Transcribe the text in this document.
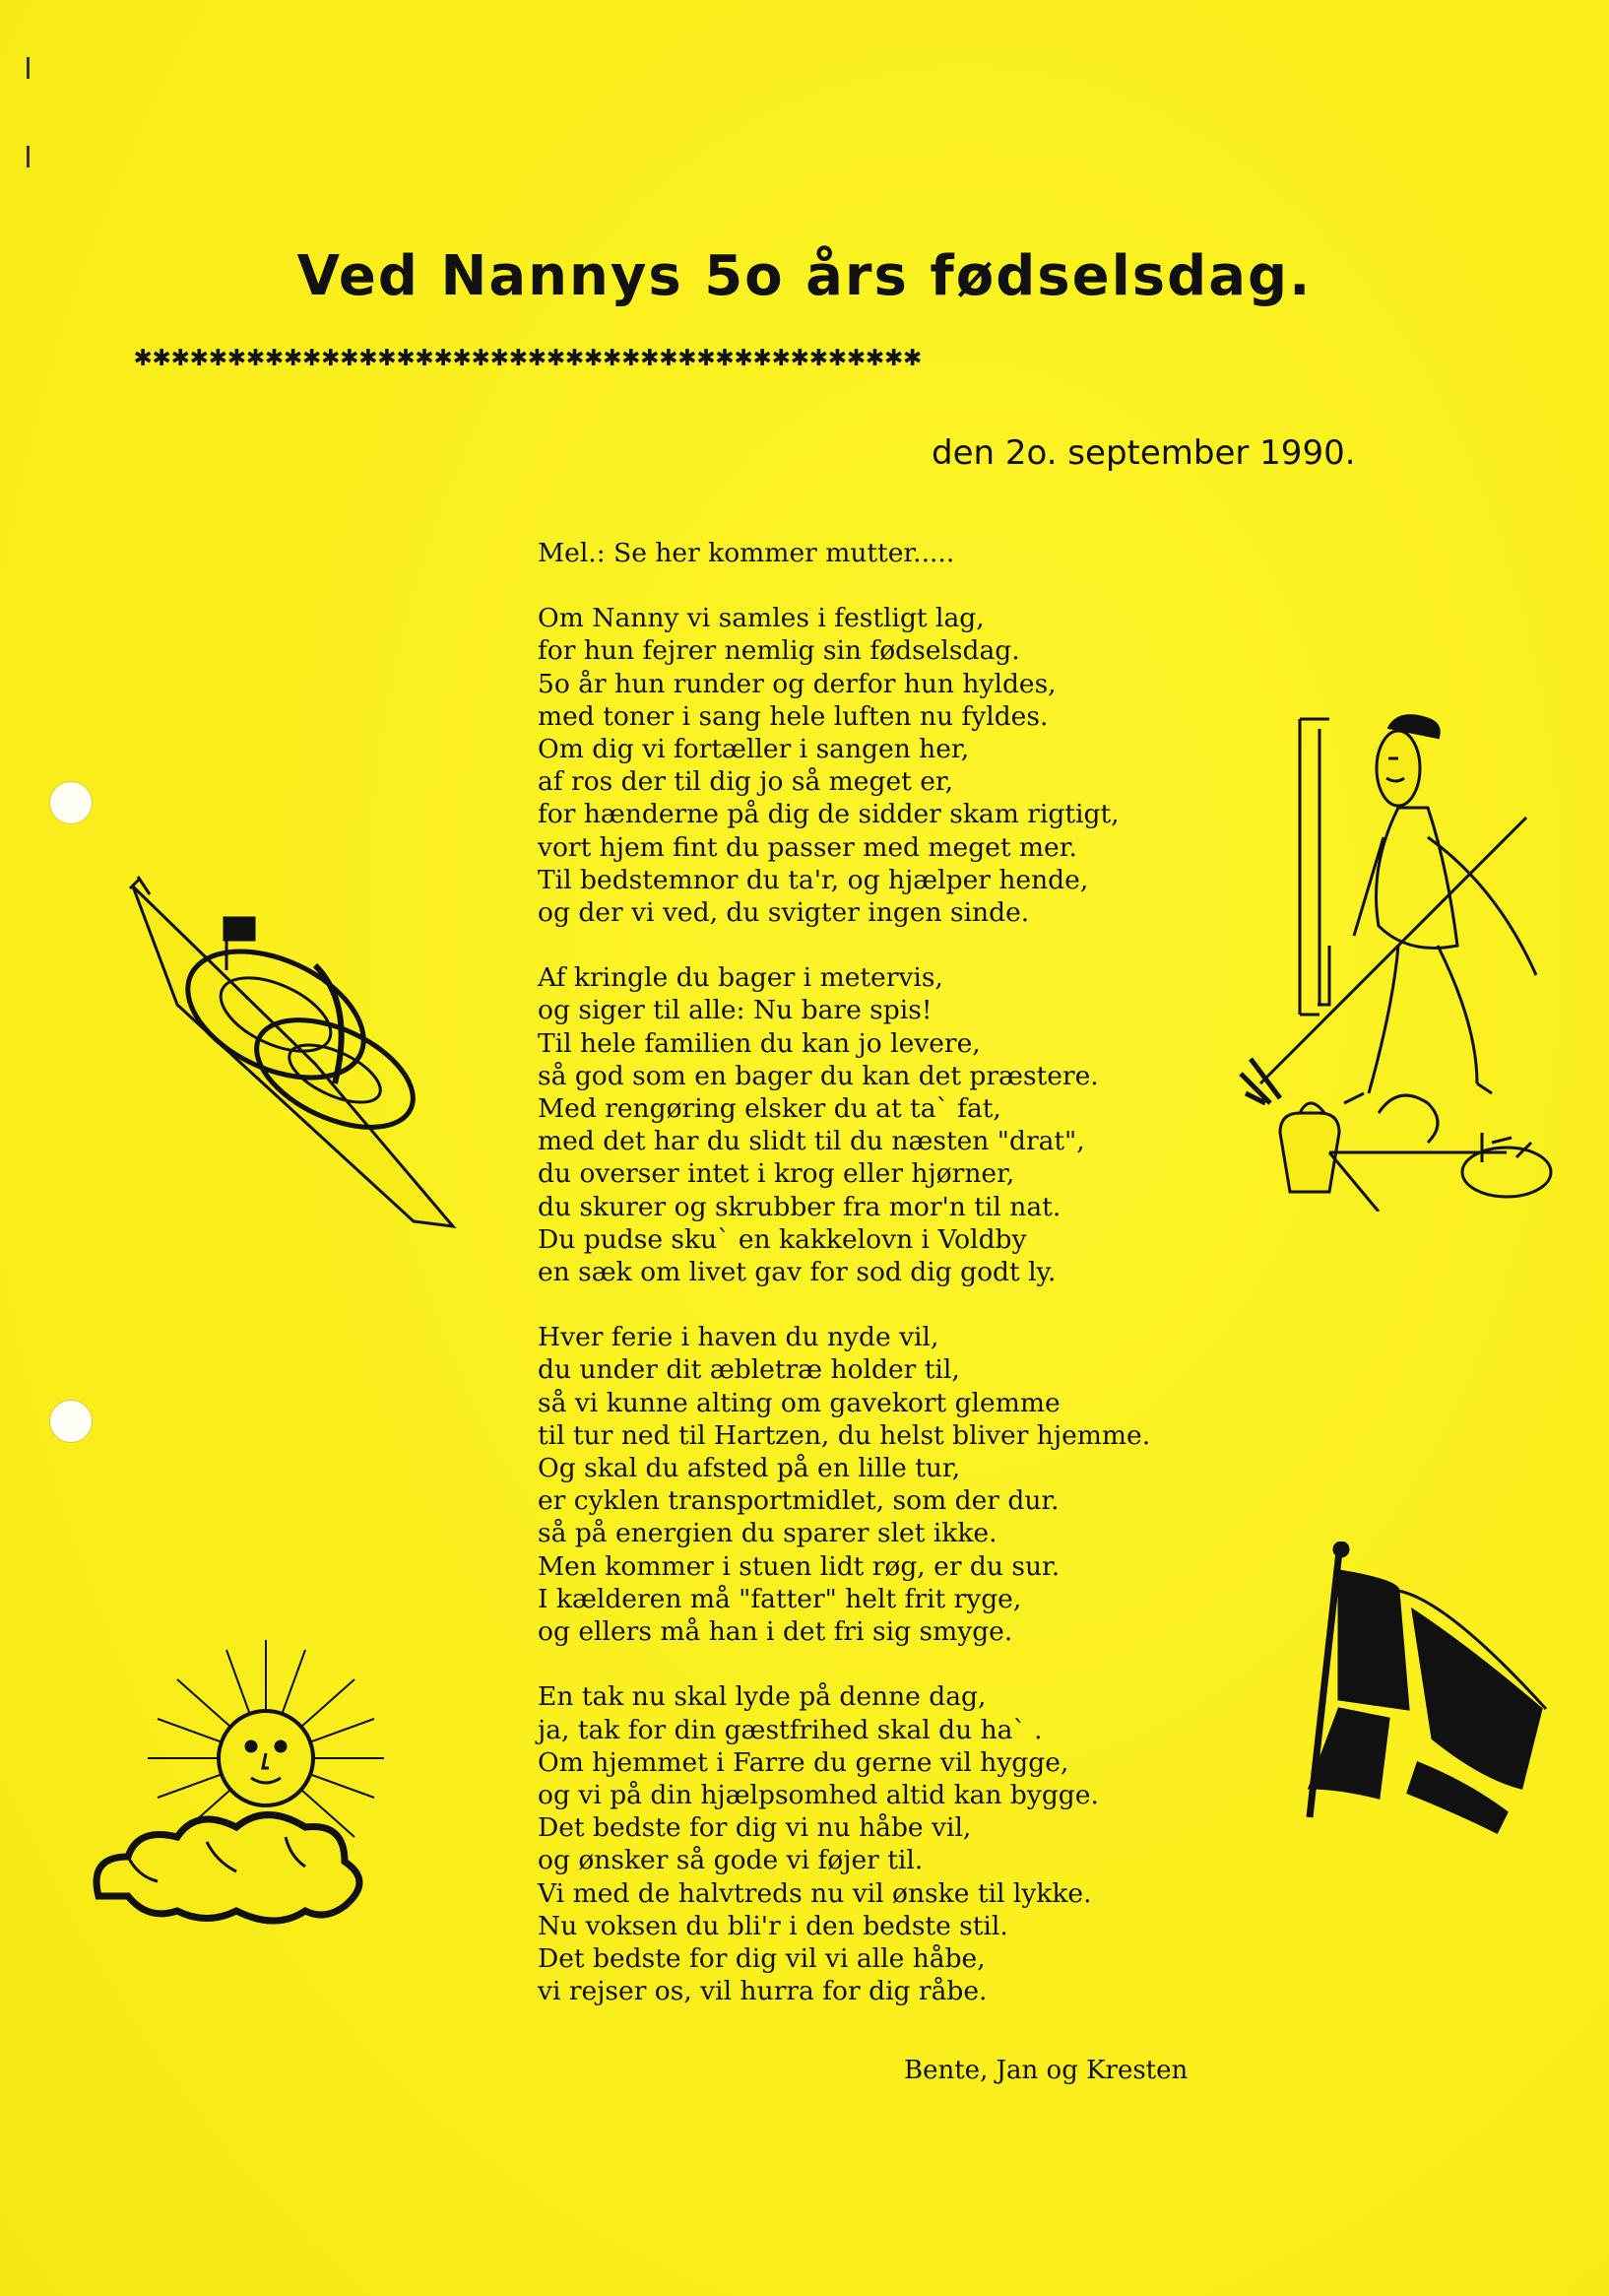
Ved Nannys 5o års fødselsdag.
✱✱✱✱✱✱✱✱✱✱✱✱✱✱✱✱✱✱✱✱✱✱✱✱✱✱✱✱✱✱✱✱✱✱✱✱✱✱✱✱✱✱
den 2o. september 1990.
Mel.: Se her kommer mutter.....
Om Nanny vi samles i festligt lag,
for hun fejrer nemlig sin fødselsdag.
5o år hun runder og derfor hun hyldes,
med toner i sang hele luften nu fyldes.
Om dig vi fortæller i sangen her,
af ros der til dig jo så meget er,
for hænderne på dig de sidder skam rigtigt,
vort hjem fint du passer med meget mer.
Til bedstemnor du ta'r, og hjælper hende,
og der vi ved, du svigter ingen sinde.
Af kringle du bager i metervis,
og siger til alle: Nu bare spis!
Til hele familien du kan jo levere,
så god som en bager du kan det præstere.
Med rengøring elsker du at ta` fat,
med det har du slidt til du næsten "drat",
du overser intet i krog eller hjørner,
du skurer og skrubber fra mor'n til nat.
Du pudse sku` en kakkelovn i Voldby
en sæk om livet gav for sod dig godt ly.
Hver ferie i haven du nyde vil,
du under dit æbletræ holder til,
så vi kunne alting om gavekort glemme
til tur ned til Hartzen, du helst bliver hjemme.
Og skal du afsted på en lille tur,
er cyklen transportmidlet, som der dur.
så på energien du sparer slet ikke.
Men kommer i stuen lidt røg, er du sur.
I kælderen må "fatter" helt frit ryge,
og ellers må han i det fri sig smyge.
En tak nu skal lyde på denne dag,
ja, tak for din gæstfrihed skal du ha` .
Om hjemmet i Farre du gerne vil hygge,
og vi på din hjælpsomhed altid kan bygge.
Det bedste for dig vi nu håbe vil,
og ønsker så gode vi føjer til.
Vi med de halvtreds nu vil ønske til lykke.
Nu voksen du bli'r i den bedste stil.
Det bedste for dig vil vi alle håbe,
vi rejser os, vil hurra for dig råbe.
Bente, Jan og Kresten
